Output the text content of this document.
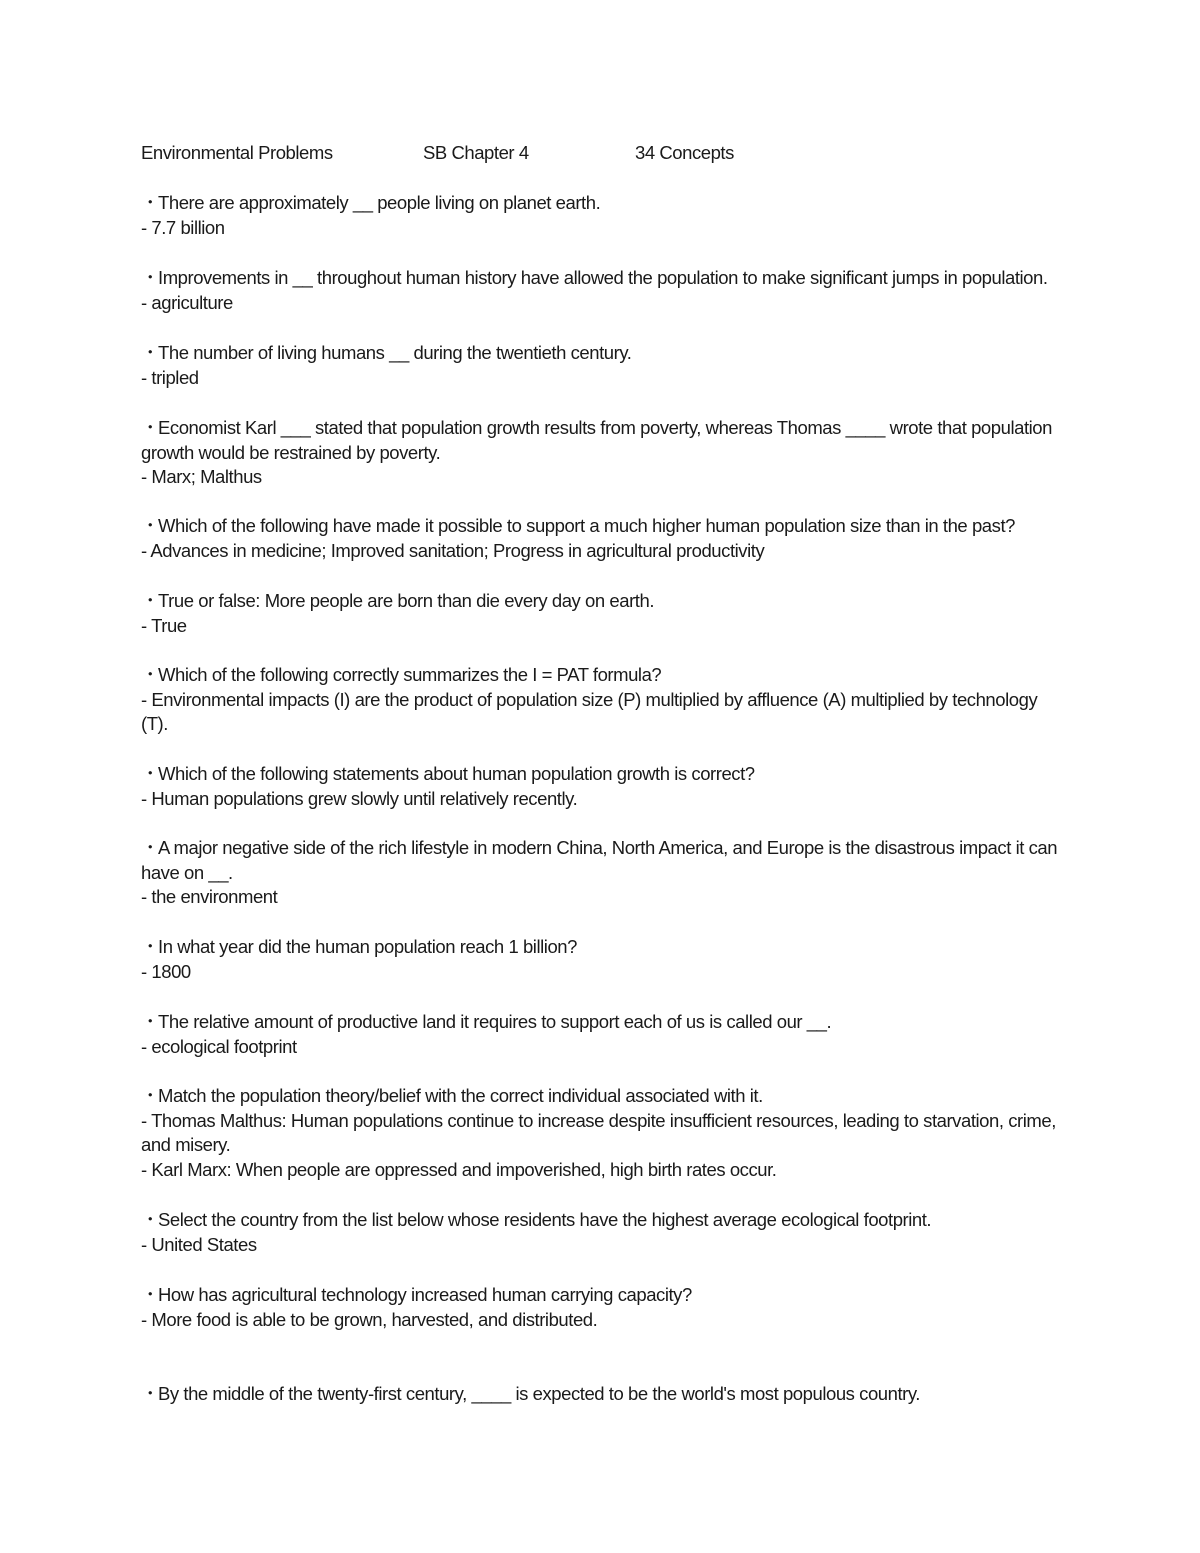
Environmental Problems	SB Chapter 4	34 Concepts
・There are approximately __ people living on planet earth.
- 7.7 billion
・Improvements in __ throughout human history have allowed the population to make significant jumps in population.
- agriculture
・The number of living humans __ during the twentieth century.
- tripled
・Economist Karl ___ stated that population growth results from poverty, whereas Thomas ____ wrote that population growth would be restrained by poverty.
- Marx; Malthus
・Which of the following have made it possible to support a much higher human population size than in the past?
- Advances in medicine; Improved sanitation; Progress in agricultural productivity
・True or false: More people are born than die every day on earth.
- True
・Which of the following correctly summarizes the I = PAT formula?
- Environmental impacts (I) are the product of population size (P) multiplied by affluence (A) multiplied by technology (T).
・Which of the following statements about human population growth is correct?
- Human populations grew slowly until relatively recently.
・A major negative side of the rich lifestyle in modern China, North America, and Europe is the disastrous impact it can have on __.
- the environment
・In what year did the human population reach 1 billion?
- 1800
・The relative amount of productive land it requires to support each of us is called our __.
- ecological footprint
・Match the population theory/belief with the correct individual associated with it.
- Thomas Malthus: Human populations continue to increase despite insufficient resources, leading to starvation, crime, and misery.
- Karl Marx: When people are oppressed and impoverished, high birth rates occur.
・Select the country from the list below whose residents have the highest average ecological footprint.
- United States
・How has agricultural technology increased human carrying capacity?
- More food is able to be grown, harvested, and distributed.
・By the middle of the twenty-first century, ____ is expected to be the world's most populous country.
